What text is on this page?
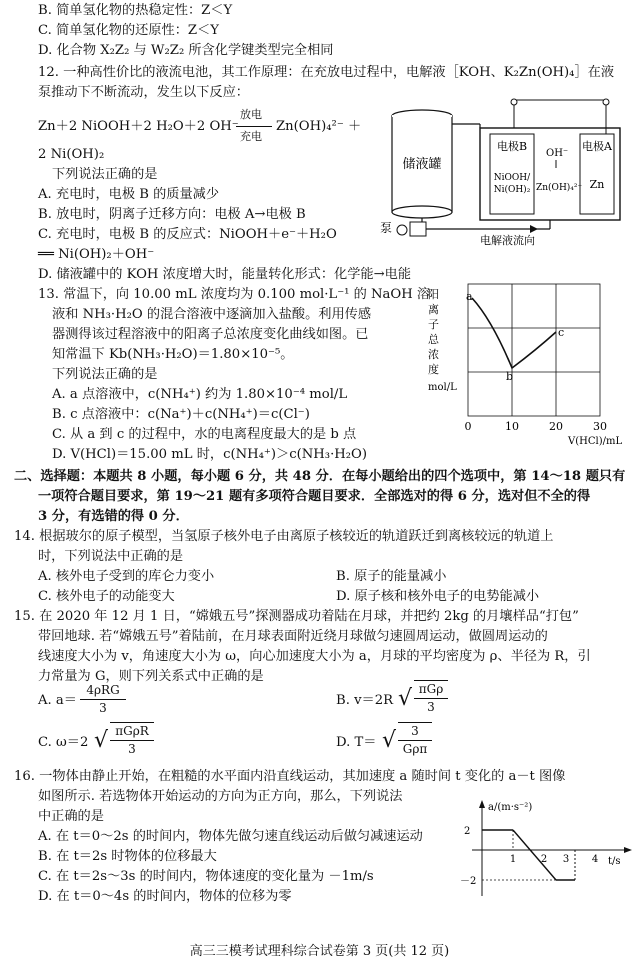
B. 简单氢化物的热稳定性：Z＜Y
C. 简单氢化物的还原性：Z＜Y
D. 化合物 X₂Z₂ 与 W₂Z₂ 所含化学键类型完全相同
12. 一种高性价比的液流电池，其工作原理：在充放电过程中，电解液［KOH、K₂Zn(OH)₄］在液
泵推动下不断流动，发生以下反应：
Zn＋2 NiOOH＋2 H₂O＋2 OH⁻
放电
充电
Zn(OH)₄²⁻ ＋
2 Ni(OH)₂
下列说法正确的是
A. 充电时，电极 B 的质量减少
B. 放电时，阴离子迁移方向：电极 A→电极 B
C. 充电时，电极 B 的反应式：NiOOH＋e⁻＋H₂O
══ Ni(OH)₂＋OH⁻
D. 储液罐中的 KOH 浓度增大时，能量转化形式：化学能→电能
储液罐
泵
电解液流向
电极B
NiOOH/
Ni(OH)₂
电极A
Zn
OH⁻
Zn(OH)₄²⁻
13. 常温下，向 10.00 mL 浓度均为 0.100 mol·L⁻¹ 的 NaOH 溶
液和 NH₃·H₂O 的混合溶液中逐滴加入盐酸。利用传感
器测得该过程溶液中的阳离子总浓度变化曲线如图。已
知常温下 Kb(NH₃·H₂O)＝1.80×10⁻⁵。
下列说法正确的是
A. a 点溶液中，c(NH₄⁺) 约为 1.80×10⁻⁴ mol/L
B. c 点溶液中：c(Na⁺)＋c(NH₄⁺)＝c(Cl⁻)
C. 从 a 到 c 的过程中，水的电离程度最大的是 b 点
D. V(HCl)＝15.00 mL 时，c(NH₄⁺)＞c(NH₃·H₂O)
阳
离
子
总
浓
度
mol/L
a
b
c
0	10	20	30
V(HCl)/mL
二、选择题：本题共 8 小题，每小题 6 分，共 48 分．在每小题给出的四个选项中，第 14～18 题只有
一项符合题目要求，第 19～21 题有多项符合题目要求．全部选对的得 6 分，选对但不全的得
3 分，有选错的得 0 分．
14. 根据玻尔的原子模型，当氢原子核外电子由离原子核较近的轨道跃迁到离核较远的轨道上
时，下列说法中正确的是
A. 核外电子受到的库仑力变小	B. 原子的能量减小
C. 核外电子的动能变大	D. 原子核和核外电子的电势能减小
15. 在 2020 年 12 月 1 日，“嫦娥五号”探测器成功着陆在月球，并把约 2kg 的月壤样品“打包”
带回地球. 若“嫦娥五号”着陆前，在月球表面附近绕月球做匀速圆周运动，做圆周运动的
线速度大小为 v，角速度大小为 ω，向心加速度大小为 a，月球的平均密度为 ρ、半径为 R，引
力常量为 G，则下列关系式中正确的是
A. a＝
4ρRG
3	B. v＝2R √ πGρ
3
C. ω＝2 √ πGρR
3	D. T＝ √	3
Gρπ
16. 一物体由静止开始，在粗糙的水平面内沿直线运动，其加速度 a 随时间 t 变化的 a－t 图像
如图所示. 若选物体开始运动的方向为正方向，那么，下列说法
中正确的是
A. 在 t＝0～2s 的时间内，物体先做匀速直线运动后做匀减速运动
B. 在 t＝2s 时物体的位移最大
C. 在 t＝2s～3s 的时间内，物体速度的变化量为 －1m/s
D. 在 t＝0～4s 的时间内，物体的位移为零
a/(m·s⁻²)
t/s
2
－2
1 2 3 4
高三三模考试理科综合试卷第 3 页(共 12 页)
